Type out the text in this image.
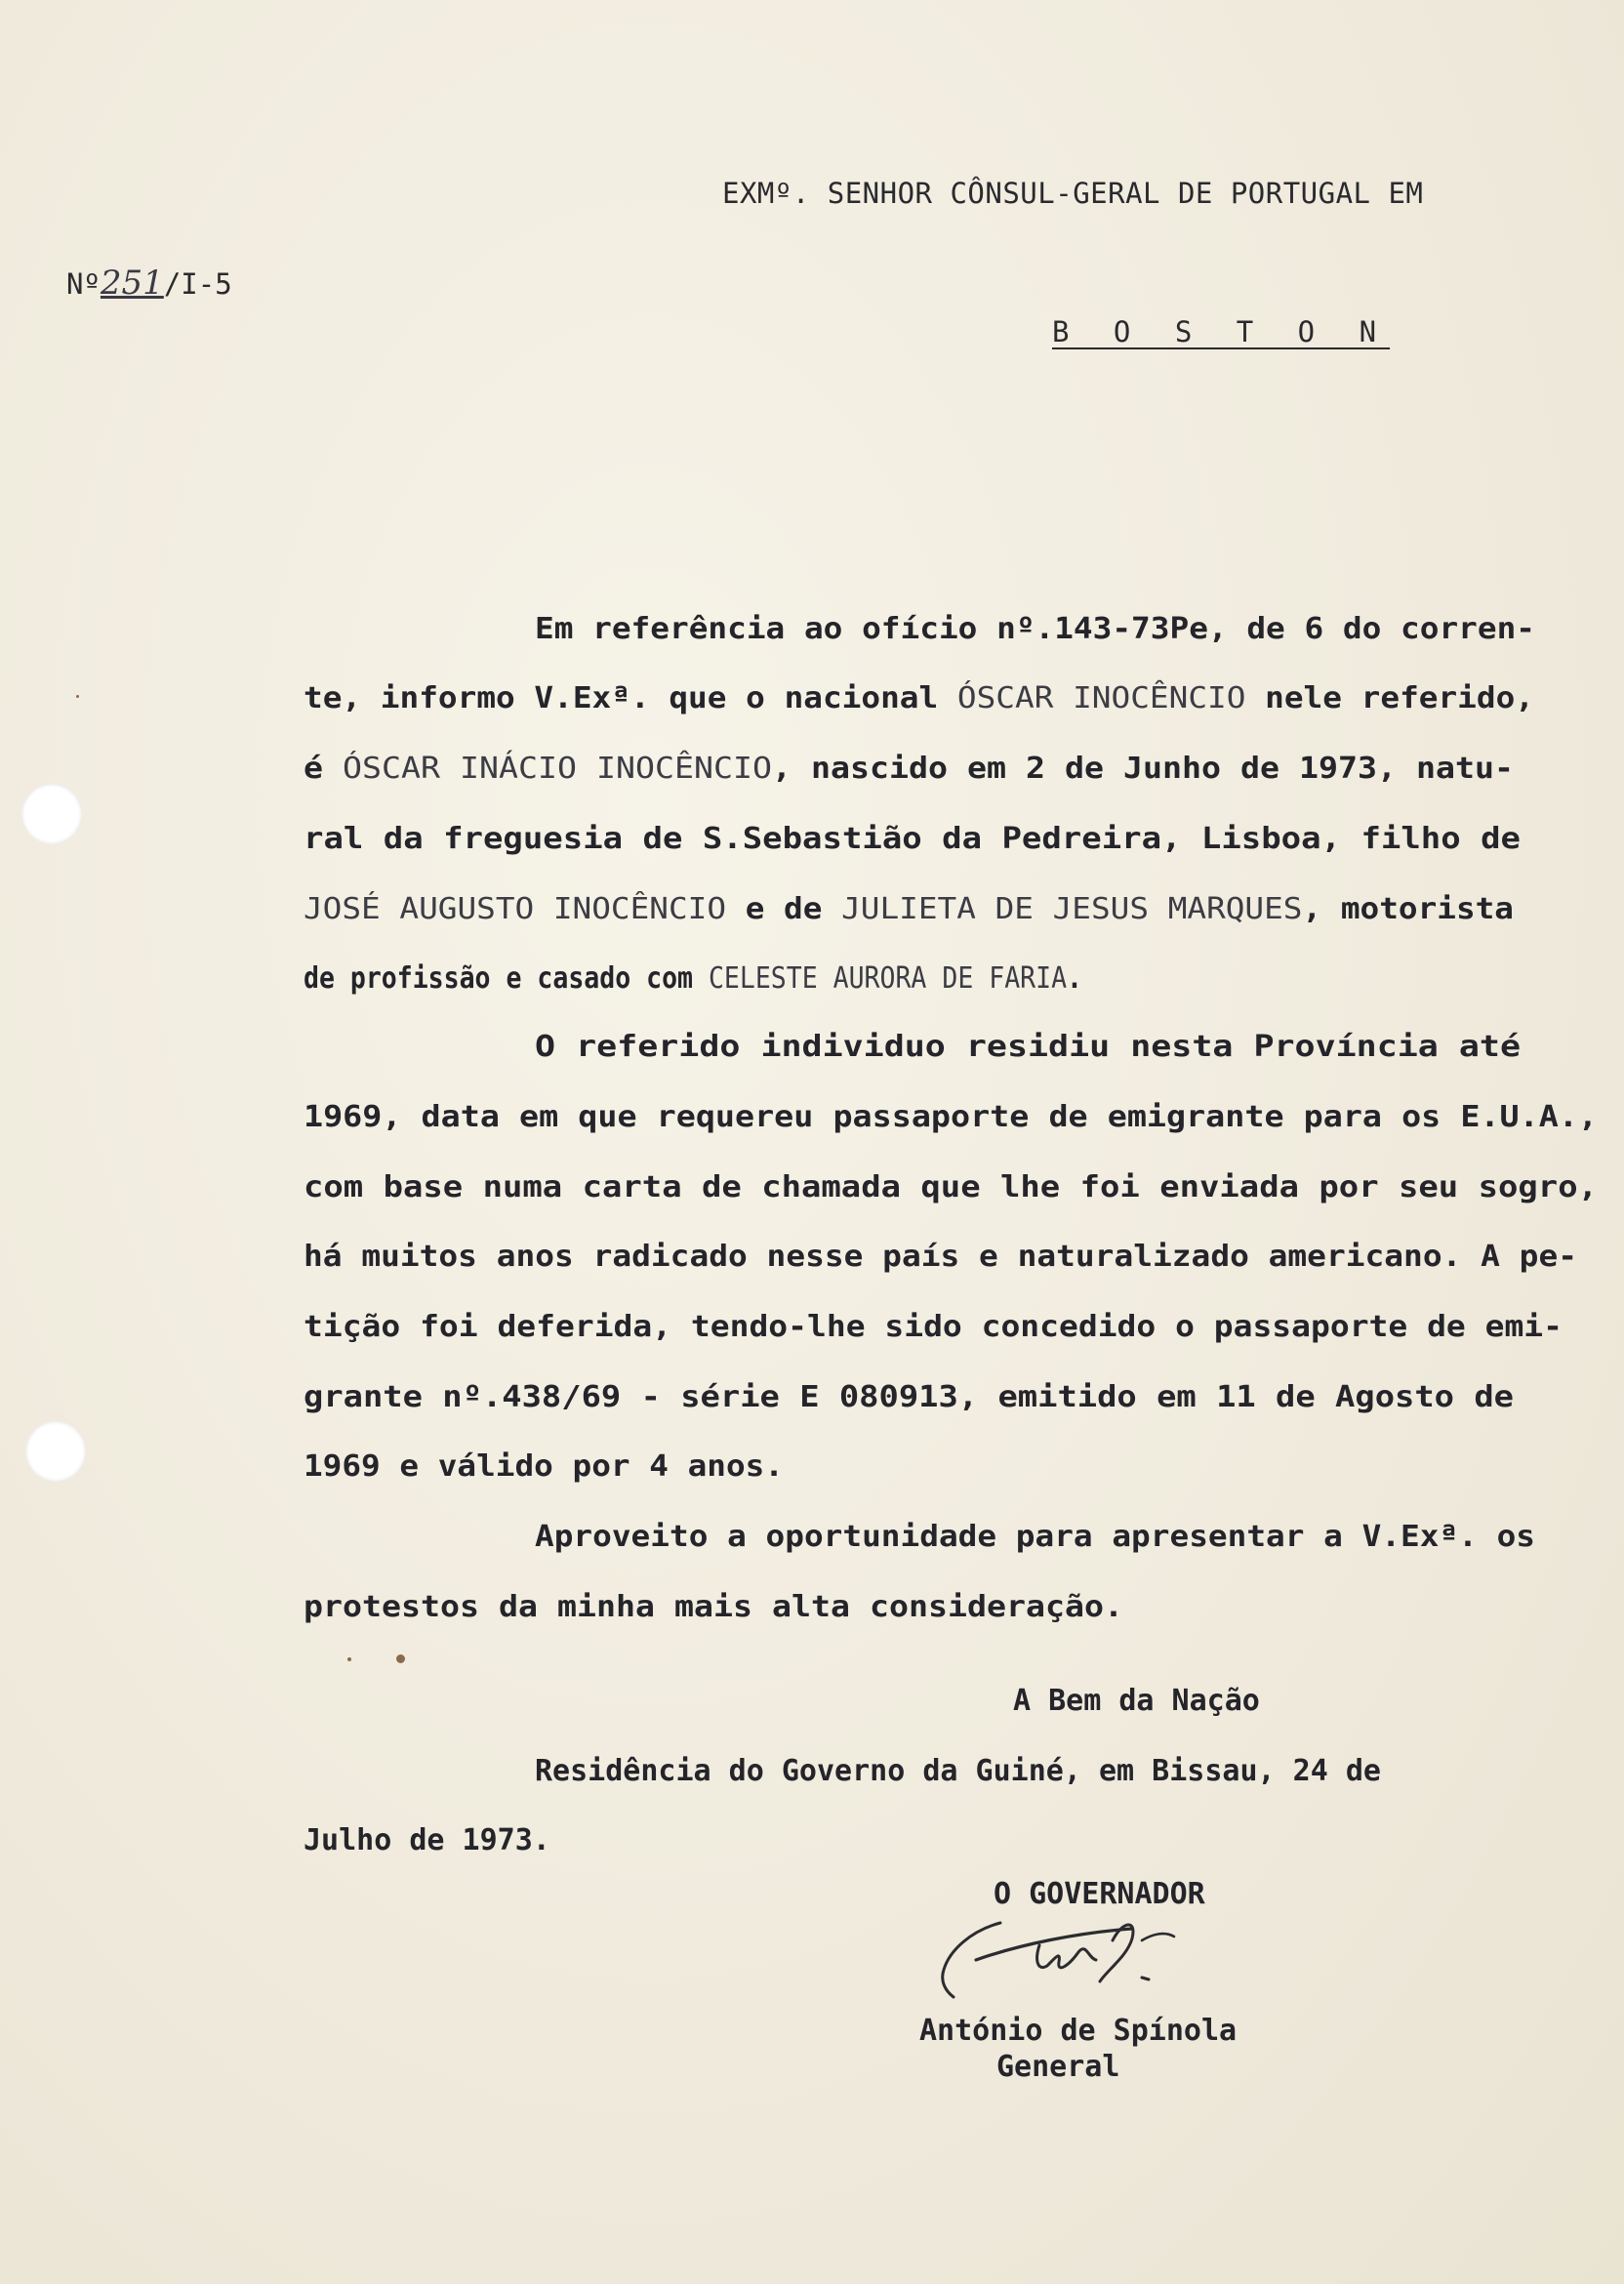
EXMº. SENHOR CÔNSUL-GERAL DE PORTUGAL EM

Nº251/I-5

B O S T O N

Em referência ao ofício nº.143-73Pe, de 6 do corren-

te, informo V.Exª. que o nacional ÓSCAR INOCÊNCIO nele referido,

é ÓSCAR INÁCIO INOCÊNCIO, nascido em 2 de Junho de 1973, natu-

ral da freguesia de S.Sebastião da Pedreira, Lisboa, filho de

JOSÉ AUGUSTO INOCÊNCIO e de JULIETA DE JESUS MARQUES, motorista

de profissão e casado com CELESTE AURORA DE FARIA.

O referido individuo residiu nesta Província até

1969, data em que requereu passaporte de emigrante para os E.U.A.,

com base numa carta de chamada que lhe foi enviada por seu sogro,

há muitos anos radicado nesse país e naturalizado americano. A pe-

tição foi deferida, tendo-lhe sido concedido o passaporte de emi-

grante nº.438/69 - série E 080913, emitido em 11 de Agosto de

1969 e válido por 4 anos.

Aproveito a oportunidade para apresentar a V.Exª. os

protestos da minha mais alta consideração.

A Bem da Nação

Residência do Governo da Guiné, em Bissau, 24 de

Julho de 1973.

O GOVERNADOR

António de Spínola

General
